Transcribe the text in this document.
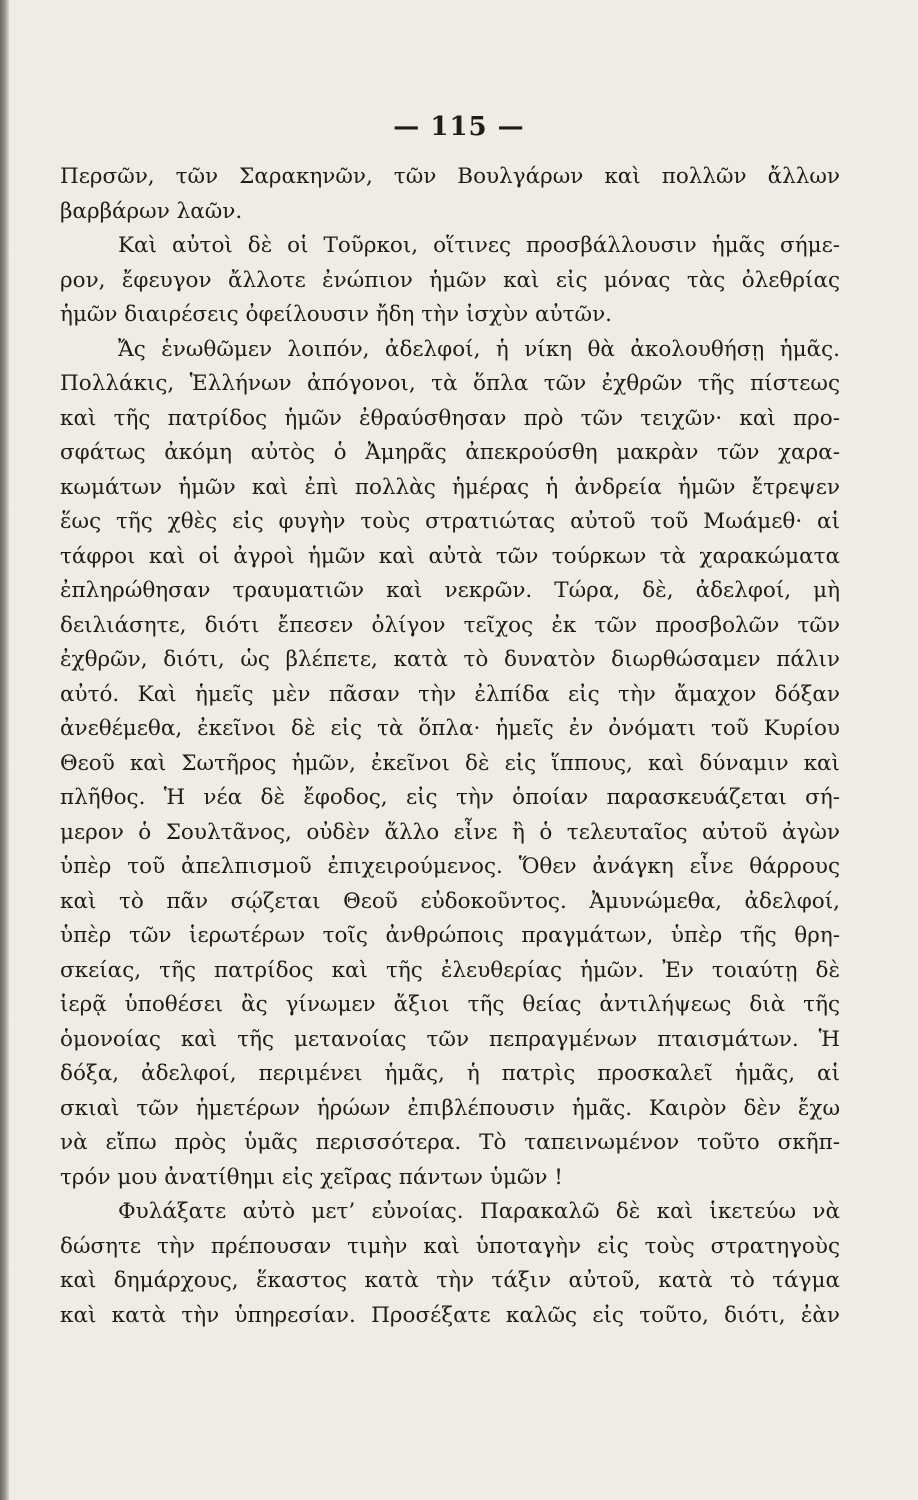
— 115 —
Περσῶν, τῶν Σαρακηνῶν, τῶν Βουλγάρων καὶ πολλῶν ἄλλων
βαρβάρων λαῶν.
Καὶ αὐτοὶ δὲ οἱ Τοῦρκοι, οἵτινες προσβάλλουσιν ἡμᾶς σήμε-
ρον, ἔφευγον ἄλλοτε ἐνώπιον ἡμῶν καὶ εἰς μόνας τὰς ὀλεθρίας
ἡμῶν διαιρέσεις ὀφείλουσιν ἤδη τὴν ἰσχὺν αὐτῶν.
Ἄς ἑνωθῶμεν λοιπόν, ἀδελφοί, ἡ νίκη θὰ ἀκολουθήσῃ ἡμᾶς.
Πολλάκις, Ἑλλήνων ἀπόγονοι, τὰ ὅπλα τῶν ἐχθρῶν τῆς πίστεως
καὶ τῆς πατρίδος ἡμῶν ἐθραύσθησαν πρὸ τῶν τειχῶν· καὶ προ-
σφάτως ἀκόμη αὐτὸς ὁ Ἀμηρᾶς ἀπεκρούσθη μακρὰν τῶν χαρα-
κωμάτων ἡμῶν καὶ ἐπὶ πολλὰς ἡμέρας ἡ ἀνδρεία ἡμῶν ἔτρεψεν
ἕως τῆς χθὲς εἰς φυγὴν τοὺς στρατιώτας αὐτοῦ τοῦ Μωάμεθ· αἱ
τάφροι καὶ οἱ ἀγροὶ ἡμῶν καὶ αὐτὰ τῶν τούρκων τὰ χαρακώματα
ἐπληρώθησαν τραυματιῶν καὶ νεκρῶν. Τώρα, δὲ, ἀδελφοί, μὴ
δειλιάσητε, διότι ἔπεσεν ὀλίγον τεῖχος ἐκ τῶν προσβολῶν τῶν
ἐχθρῶν, διότι, ὡς βλέπετε, κατὰ τὸ δυνατὸν διωρθώσαμεν πάλιν
αὐτό. Καὶ ἡμεῖς μὲν πᾶσαν τὴν ἐλπίδα εἰς τὴν ἄμαχον δόξαν
ἀνεθέμεθα, ἐκεῖνοι δὲ εἰς τὰ ὅπλα· ἡμεῖς ἐν ὀνόματι τοῦ Κυρίου
Θεοῦ καὶ Σωτῆρος ἡμῶν, ἐκεῖνοι δὲ εἰς ἵππους, καὶ δύναμιν καὶ
πλῆθος. Ἡ νέα δὲ ἔφοδος, εἰς τὴν ὁποίαν παρασκευάζεται σή-
μερον ὁ Σουλτᾶνος, οὐδὲν ἄλλο εἶνε ἢ ὁ τελευταῖος αὐτοῦ ἀγὼν
ὑπὲρ τοῦ ἀπελπισμοῦ ἐπιχειρούμενος. Ὅθεν ἀνάγκη εἶνε θάρρους
καὶ τὸ πᾶν σῴζεται Θεοῦ εὐδοκοῦντος. Ἀμυνώμεθα, ἀδελφοί,
ὑπὲρ τῶν ἱερωτέρων τοῖς ἀνθρώποις πραγμάτων, ὑπὲρ τῆς θρη-
σκείας, τῆς πατρίδος καὶ τῆς ἐλευθερίας ἡμῶν. Ἐν τοιαύτῃ δὲ
ἱερᾷ ὑποθέσει ἂς γίνωμεν ἄξιοι τῆς θείας ἀντιλήψεως διὰ τῆς
ὁμονοίας καὶ τῆς μετανοίας τῶν πεπραγμένων πταισμάτων. Ἡ
δόξα, ἀδελφοί, περιμένει ἡμᾶς, ἡ πατρὶς προσκαλεῖ ἡμᾶς, αἱ
σκιαὶ τῶν ἡμετέρων ἡρώων ἐπιβλέπουσιν ἡμᾶς. Καιρὸν δὲν ἔχω
νὰ εἴπω πρὸς ὑμᾶς περισσότερα. Τὸ ταπεινωμένον τοῦτο σκῆπ-
τρόν μου ἀνατίθημι εἰς χεῖρας πάντων ὑμῶν !
Φυλάξατε αὐτὸ μετ’ εὐνοίας. Παρακαλῶ δὲ καὶ ἱκετεύω νὰ
δώσητε τὴν πρέπουσαν τιμὴν καὶ ὑποταγὴν εἰς τοὺς στρατηγοὺς
καὶ δημάρχους, ἕκαστος κατὰ τὴν τάξιν αὐτοῦ, κατὰ τὸ τάγμα
καὶ κατὰ τὴν ὑπηρεσίαν. Προσέξατε καλῶς εἰς τοῦτο, διότι, ἐὰν
